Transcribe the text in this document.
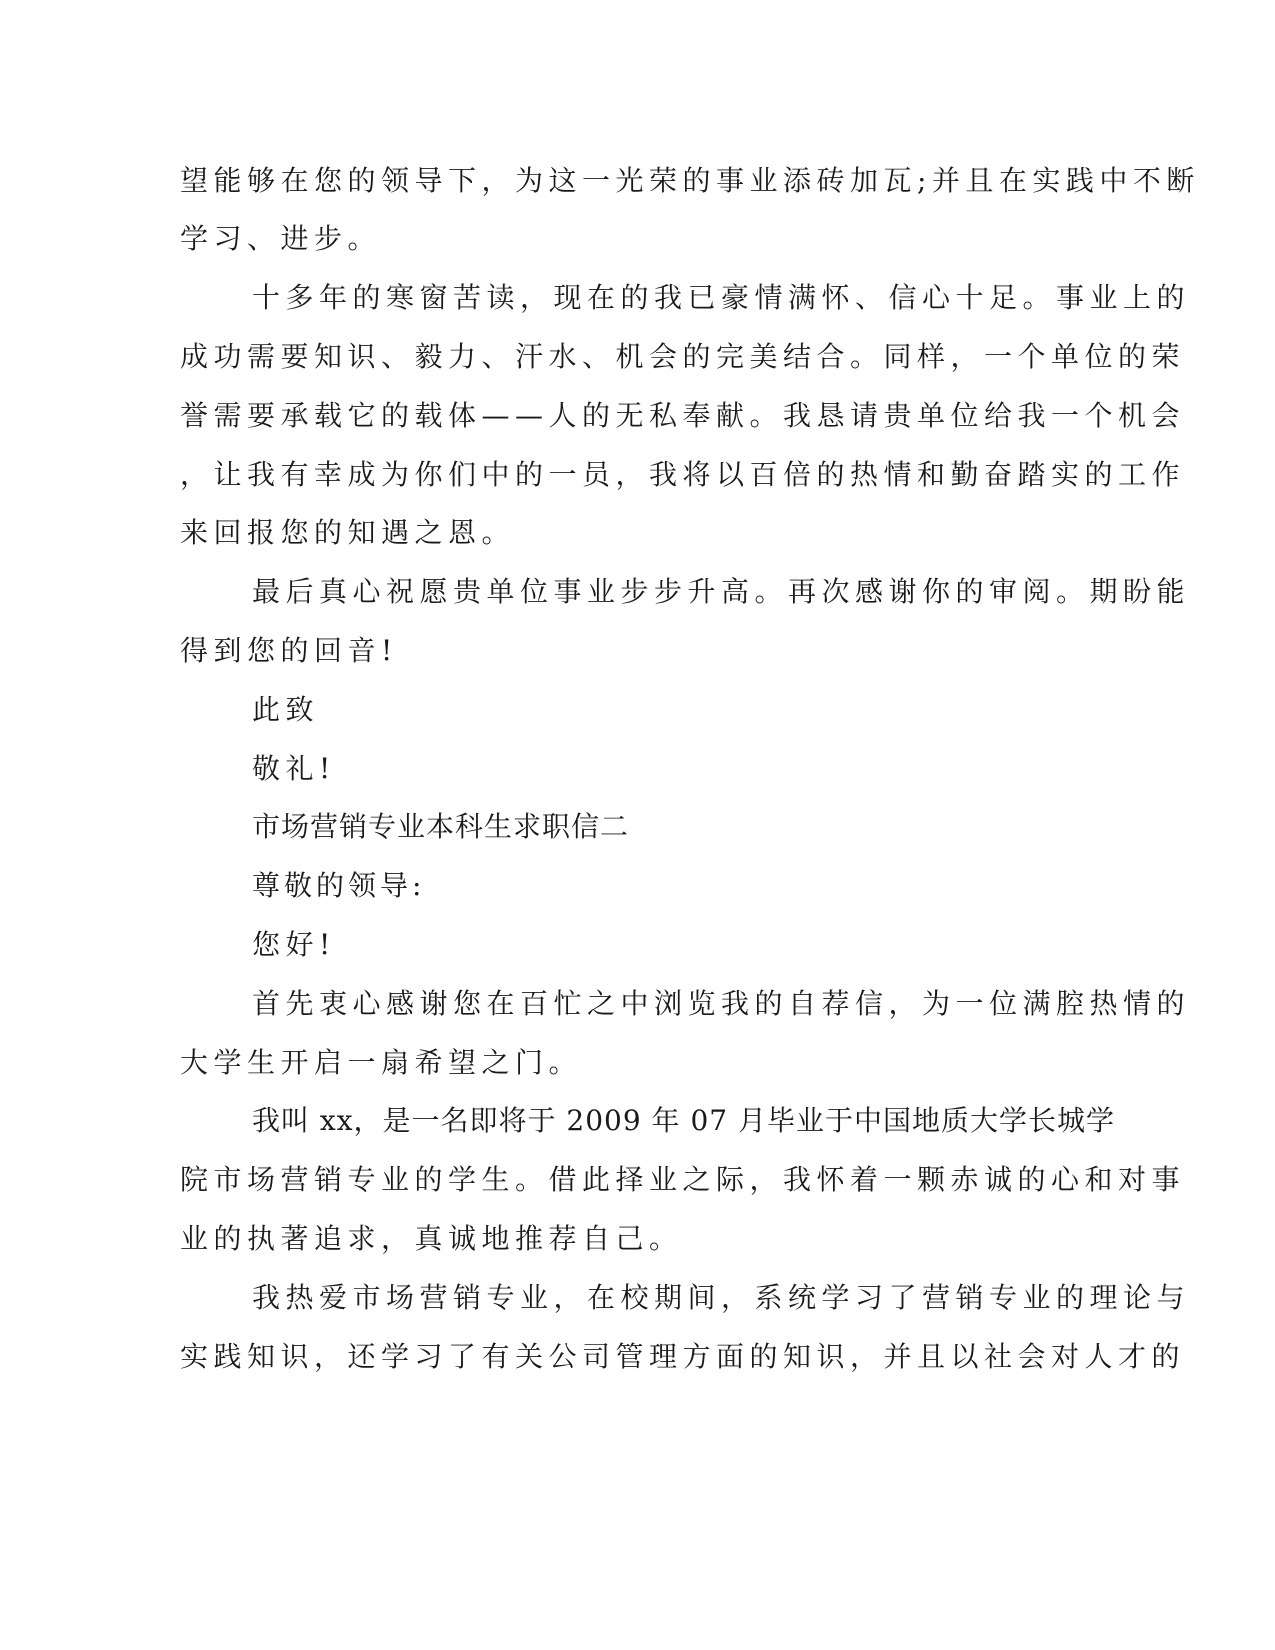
望能够在您的领导下，为这一光荣的事业添砖加瓦;并且在实践中不断

学习、进步。

十多年的寒窗苦读，现在的我已豪情满怀、信心十足。事业上的

成功需要知识、毅力、汗水、机会的完美结合。同样，一个单位的荣

誉需要承载它的载体——人的无私奉献。我恳请贵单位给我一个机会

，让我有幸成为你们中的一员，我将以百倍的热情和勤奋踏实的工作

来回报您的知遇之恩。

最后真心祝愿贵单位事业步步升高。再次感谢你的审阅。期盼能

得到您的回音!

此致

敬礼!

市场营销专业本科生求职信二

尊敬的领导:

您好!

首先衷心感谢您在百忙之中浏览我的自荐信，为一位满腔热情的

大学生开启一扇希望之门。

我叫 xx，是一名即将于 2009 年 07 月毕业于中国地质大学长城学

院市场营销专业的学生。借此择业之际，我怀着一颗赤诚的心和对事

业的执著追求，真诚地推荐自己。

我热爱市场营销专业，在校期间，系统学习了营销专业的理论与

实践知识，还学习了有关公司管理方面的知识，并且以社会对人才的
